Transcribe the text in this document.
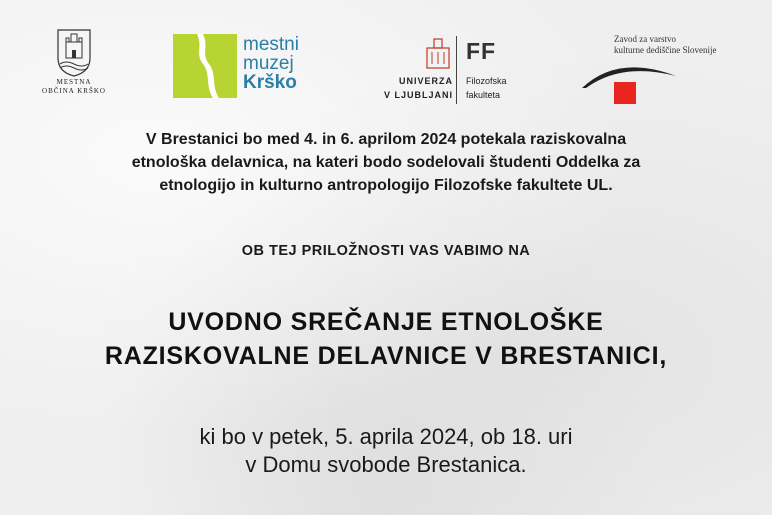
MESTNA
OBČINA KRŠKO
mestni
muzej
Krško
FF
UNIVERZA
V LJUBLJANI
Filozofska
fakulteta
Zavod za varstvo
kulturne dediščine Slovenije
V Brestanici bo med 4. in 6. aprilom 2024 potekala raziskovalna
etnološka delavnica, na kateri bodo sodelovali študenti Oddelka za
etnologijo in kulturno antropologijo Filozofske fakultete UL.
OB TEJ PRILOŽNOSTI VAS VABIMO NA
UVODNO SREČANJE ETNOLOŠKE
RAZISKOVALNE DELAVNICE V BRESTANICI,
ki bo v petek, 5. aprila 2024, ob 18. uri
v Domu svobode Brestanica.
